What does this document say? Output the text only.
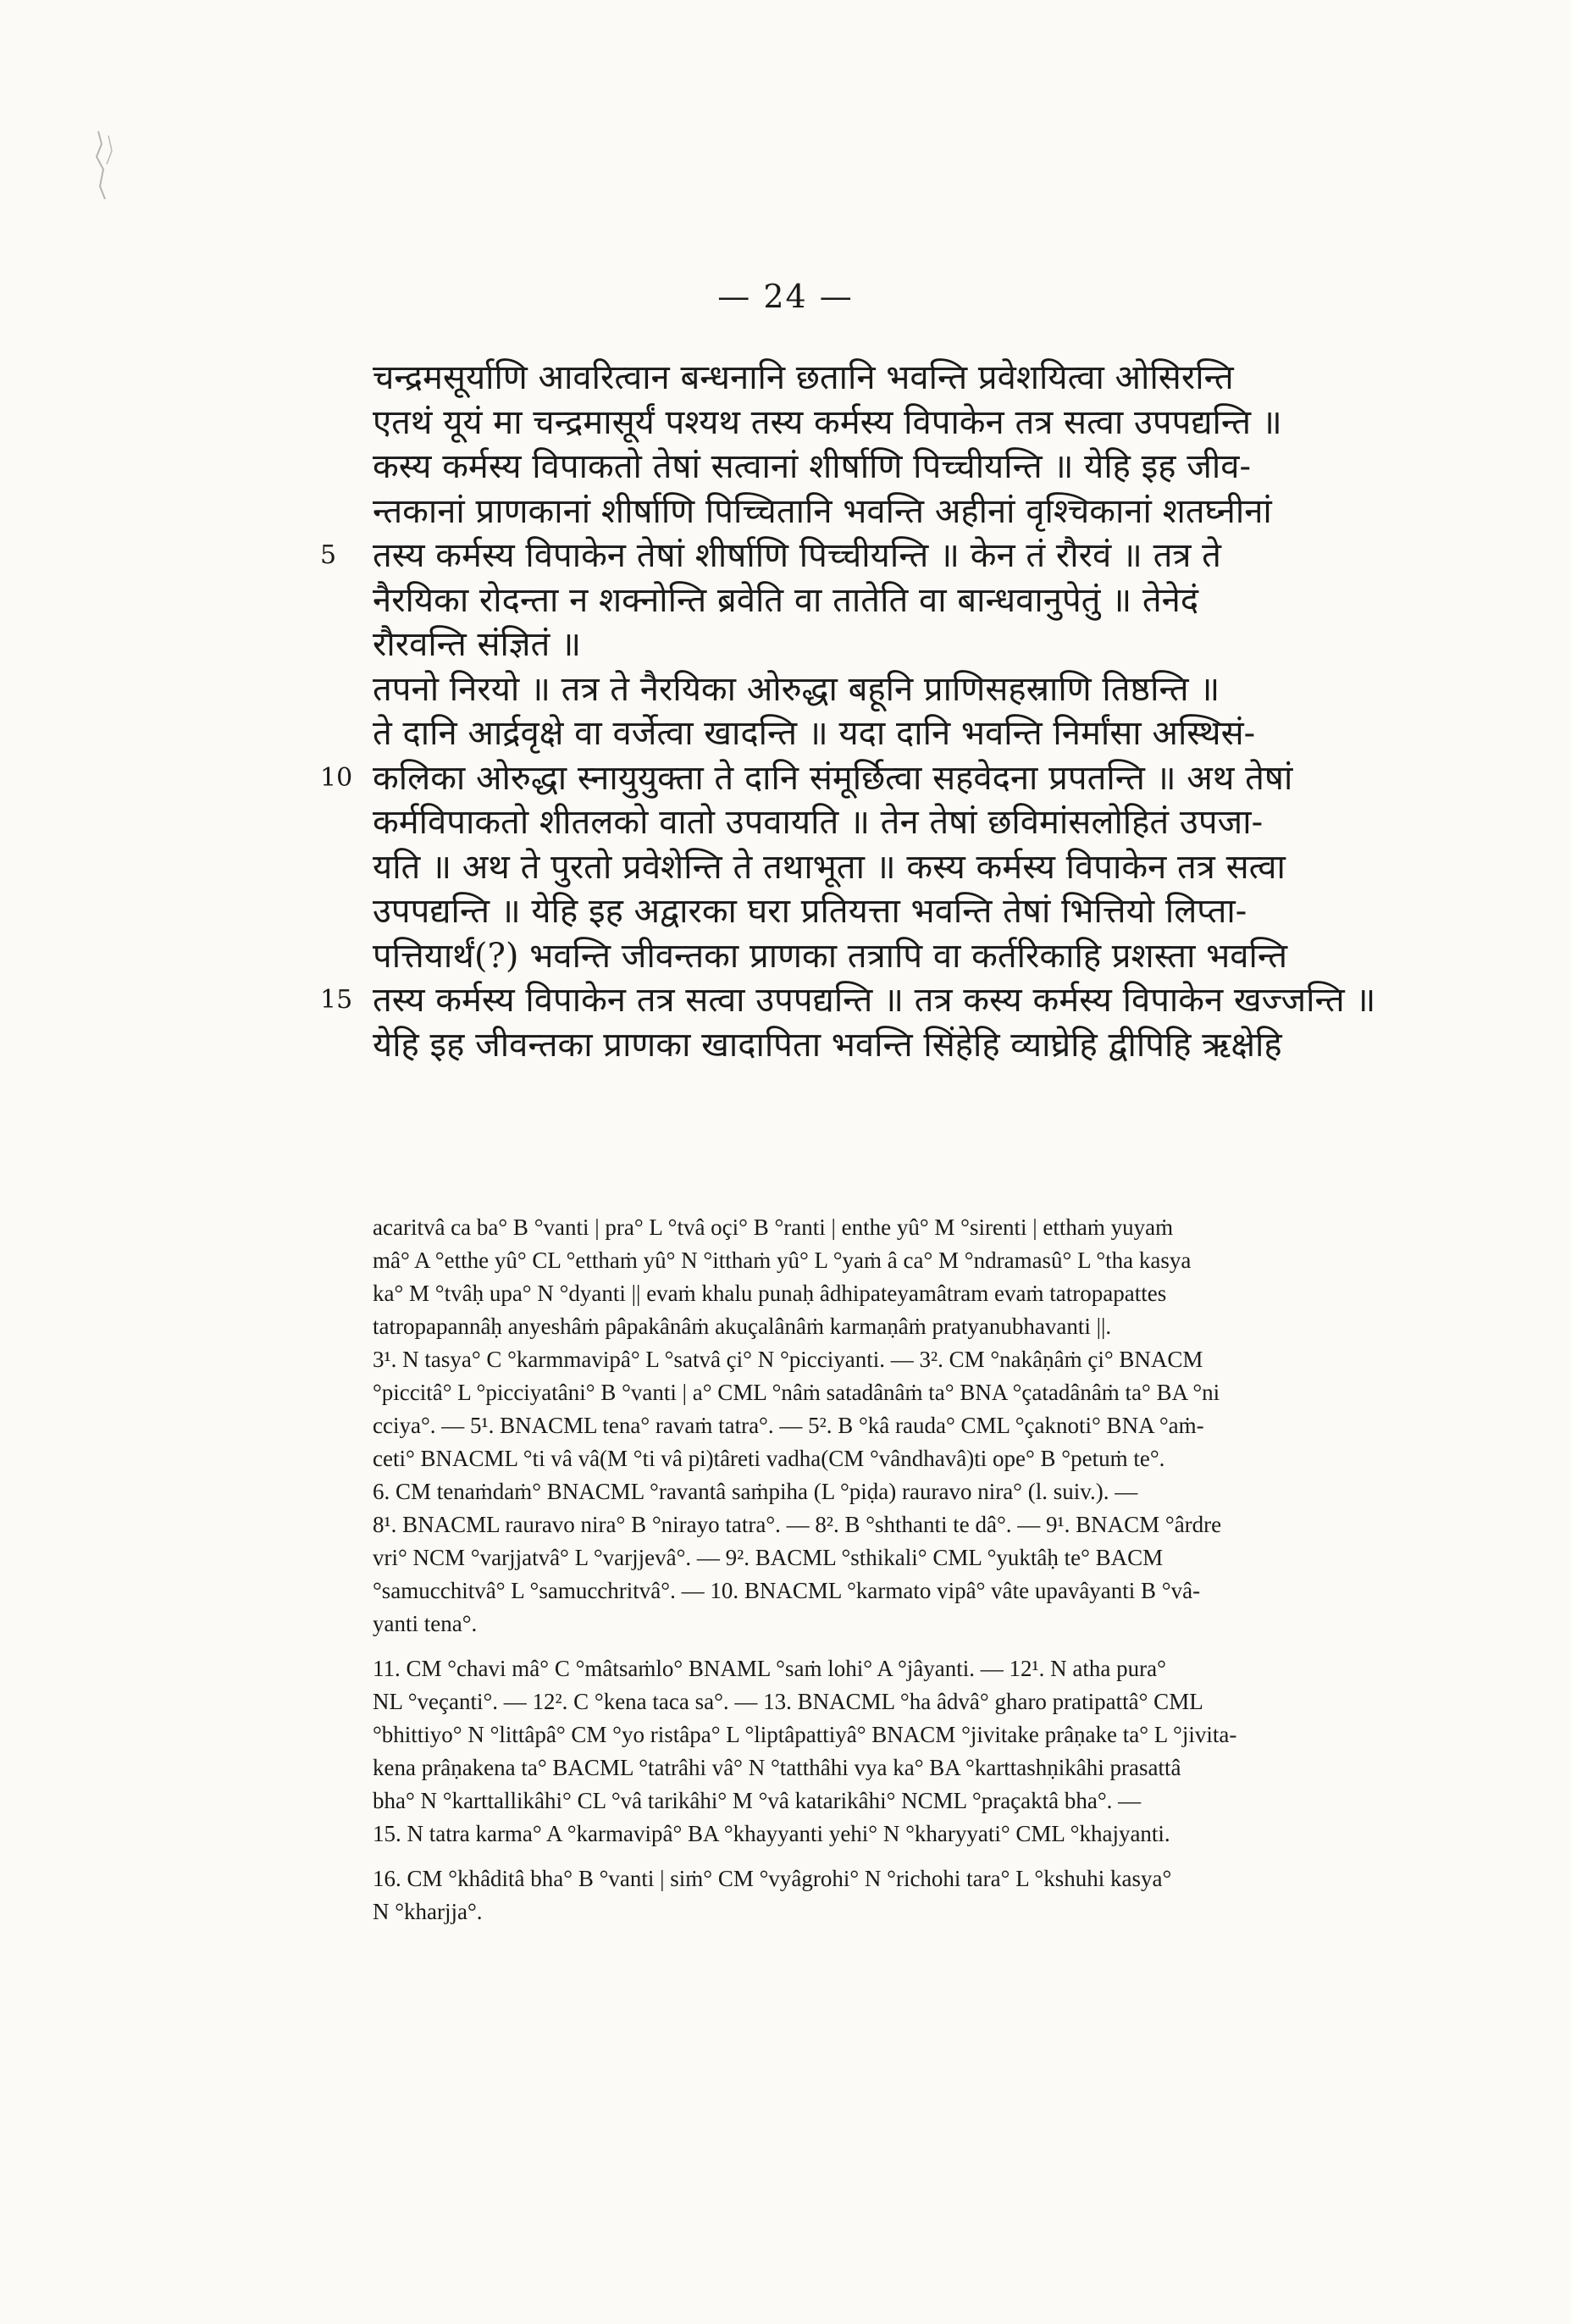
— 24 —
चन्द्रमसूर्याणि आवरित्वान बन्धनानि छतानि भवन्ति प्रवेशयित्वा ओसिरन्ति
एतथं यूयं मा चन्द्रमासूर्यं पश्यथ तस्य कर्मस्य विपाकेन तत्र सत्वा उपपद्यन्ति ॥
कस्य कर्मस्य विपाकतो तेषां सत्वानां शीर्षाणि पिच्चीयन्ति ॥ येहि इह जीव-
न्तकानां प्राणकानां शीर्षाणि पिच्चितानि भवन्ति अहीनां वृश्चिकानां शतघ्नीनां
5 तस्य कर्मस्य विपाकेन तेषां शीर्षाणि पिच्चीयन्ति ॥ केन तं रौरवं ॥ तत्र ते
नैरयिका रोदन्ता न शक्नोन्ति ब्रवेति वा तातेति वा बान्धवानुपेतुं ॥ तेनेदं
रौरवन्ति संज्ञितं ॥
तपनो निरयो ॥ तत्र ते नैरयिका ओरुद्धा बहूनि प्राणिसहस्राणि तिष्ठन्ति ॥
ते दानि आर्द्रवृक्षे वा वर्जेत्वा खादन्ति ॥ यदा दानि भवन्ति निर्मांसा अस्थिसं-
10 कलिका ओरुद्धा स्नायुयुक्ता ते दानि संमूर्छित्वा सहवेदना प्रपतन्ति ॥ अथ तेषां
कर्मविपाकतो शीतलको वातो उपवायति ॥ तेन तेषां छविमांसलोहितं उपजा-
यति ॥ अथ ते पुरतो प्रवेशेन्ति ते तथाभूता ॥ कस्य कर्मस्य विपाकेन तत्र सत्वा
उपपद्यन्ति ॥ येहि इह अद्वारका घरा प्रतियत्ता भवन्ति तेषां भित्तियो लिप्ता-
पत्तियार्थं(?) भवन्ति जीवन्तका प्राणका तत्रापि वा कर्तरिकाहि प्रशस्ता भवन्ति
15 तस्य कर्मस्य विपाकेन तत्र सत्वा उपपद्यन्ति ॥ तत्र कस्य कर्मस्य विपाकेन खज्जन्ति ॥
येहि इह जीवन्तका प्राणका खादापिता भवन्ति सिंहेहि व्याघ्रेहि द्वीपिहि ऋक्षेहि
acaritvâ ca ba° B °vanti | pra° L °tvâ oçi° B °ranti | enthe yû° M °sirenti | etthaṁ yuyaṁ
mâ° A °etthe yû° CL °etthaṁ yû° N °itthaṁ yû° L °yaṁ â ca° M °ndramasû° L °tha kasya
ka° M °tvâḥ upa° N °dyanti || evaṁ khalu punaḥ âdhipateyamâtram evaṁ tatropapattes
tatropapannâḥ anyeshâṁ pâpakânâṁ akuçalânâṁ karmaṇâṁ pratyanubhavanti ||.
3¹. N tasya° C °karmmavipâ° L °satvâ çi° N °picciyanti. — 3². CM °nakâṇâṁ çi° BNACM
°piccitâ° L °picciyatâni° B °vanti | a° CML °nâṁ satadânâṁ ta° BNA °çatadânâṁ ta° BA °ni
cciya°. — 5¹. BNACML tena° ravaṁ tatra°. — 5². B °kâ rauda° CML °çaknoti° BNA °aṁ-
ceti° BNACML °ti vâ vâ(M °ti vâ pi)târeti vadha(CM °vândhavâ)ti ope° B °petuṁ te°.
6. CM tenaṁdaṁ° BNACML °ravantâ saṁpiha (L °piḍa) rauravo nira° (l. suiv.). —
8¹. BNACML rauravo nira° B °nirayo tatra°. — 8². B °shthanti te dâ°. — 9¹. BNACM °ârdre
vri° NCM °varjjatvâ° L °varjjevâ°. — 9². BACML °sthikali° CML °yuktâḥ te° BACM
°samucchitvâ° L °samucchritvâ°. — 10. BNACML °karmato vipâ° vâte upavâyanti B °vâ-
yanti tena°.
11. CM °chavi mâ° C °mâtsaṁlo° BNAML °saṁ lohi° A °jâyanti. — 12¹. N atha pura°
NL °veçanti°. — 12². C °kena taca sa°. — 13. BNACML °ha âdvâ° gharo pratipattâ° CML
°bhittiyo° N °littâpâ° CM °yo ristâpa° L °liptâpattiyâ° BNACM °jivitake prâṇake ta° L °jivita-
kena prâṇakena ta° BACML °tatrâhi vâ° N °tatthâhi vya ka° BA °karttashṇikâhi prasattâ
bha° N °karttallikâhi° CL °vâ tarikâhi° M °vâ katarikâhi° NCML °praçaktâ bha°. —
15. N tatra karma° A °karmavipâ° BA °khayyanti yehi° N °kharyyati° CML °khajyanti.
16. CM °khâditâ bha° B °vanti | siṁ° CM °vyâgrohi° N °richohi tara° L °kshuhi kasya°
N °kharjja°.
